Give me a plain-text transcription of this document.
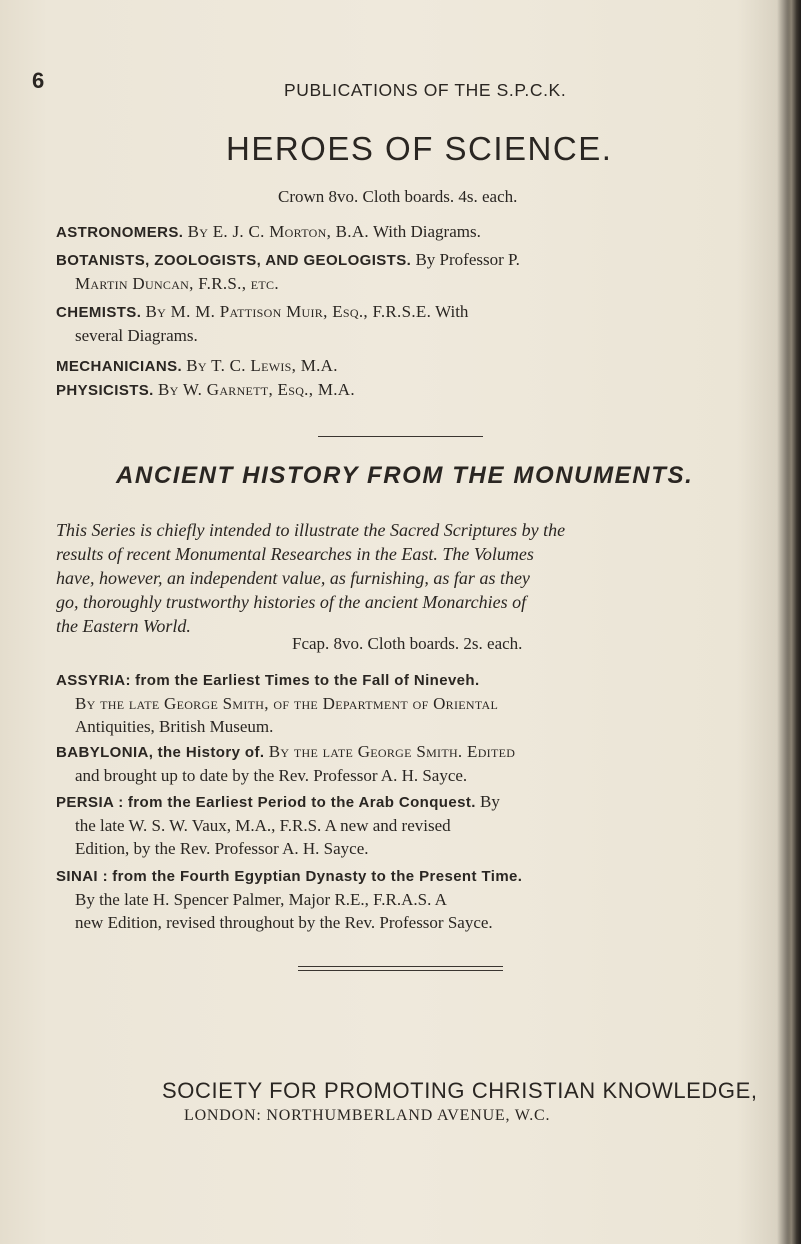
6	PUBLICATIONS OF THE S.P.C.K.
HEROES OF SCIENCE.
Crown 8vo. Cloth boards. 4s. each.
ASTRONOMERS. By E. J. C. Morton, B.A. With Diagrams.
BOTANISTS, ZOOLOGISTS, AND GEOLOGISTS. By Professor P.
Martin Duncan, F.R.S., etc.
CHEMISTS. By M. M. Pattison Muir, Esq., F.R.S.E. With
several Diagrams.
MECHANICIANS. By T. C. Lewis, M.A.
PHYSICISTS. By W. Garnett, Esq., M.A.
ANCIENT HISTORY FROM THE MONUMENTS.
This Series is chiefly intended to illustrate the Sacred Scriptures by the
results of recent Monumental Researches in the East. The Volumes
have, however, an independent value, as furnishing, as far as they
go, thoroughly trustworthy histories of the ancient Monarchies of
the Eastern World.
Fcap. 8vo. Cloth boards. 2s. each.
ASSYRIA: from the Earliest Times to the Fall of Nineveh.
By the late George Smith, of the Department of Oriental
Antiquities, British Museum.
BABYLONIA, the History of. By the late George Smith. Edited
and brought up to date by the Rev. Professor A. H. Sayce.
PERSIA : from the Earliest Period to the Arab Conquest. By
the late W. S. W. Vaux, M.A., F.R.S. A new and revised
Edition, by the Rev. Professor A. H. Sayce.
SINAI : from the Fourth Egyptian Dynasty to the Present Time.
By the late H. Spencer Palmer, Major R.E., F.R.A.S. A
new Edition, revised throughout by the Rev. Professor Sayce.
SOCIETY FOR PROMOTING CHRISTIAN KNOWLEDGE,
LONDON: NORTHUMBERLAND AVENUE, W.C.
